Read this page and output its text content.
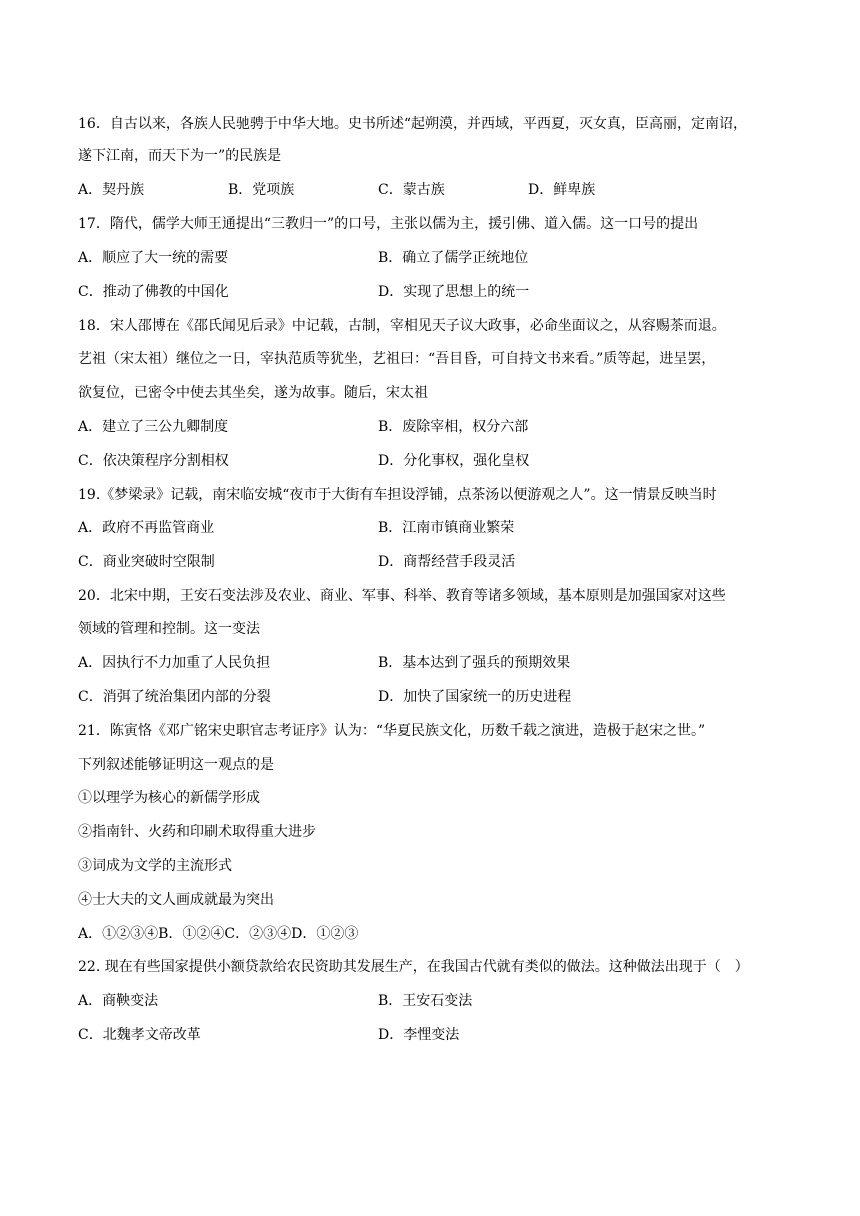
16．自古以来，各族人民驰骋于中华大地。史书所述“起朔漠，并西域，平西夏，灭女真，臣高丽，定南诏，
遂下江南，而天下为一”的民族是
A．契丹族	B．党项族	C．蒙古族	D．鲜卑族
17．隋代，儒学大师王通提出“三教归一”的口号，主张以儒为主，援引佛、道入儒。这一口号的提出
A．顺应了大一统的需要	B．确立了儒学正统地位
C．推动了佛教的中国化	D．实现了思想上的统一
18．宋人邵博在《邵氏闻见后录》中记载，古制，宰相见天子议大政事，必命坐面议之，从容赐茶而退。
艺祖（宋太祖）继位之一日，宰执范质等犹坐，艺祖曰：“吾目昏，可自持文书来看。”质等起，进呈罢，
欲复位，已密令中使去其坐矣，遂为故事。随后，宋太祖
A．建立了三公九卿制度	B．废除宰相，权分六部
C．依决策程序分割相权	D．分化事权，强化皇权
19.《梦梁录》记载，南宋临安城“夜市于大街有车担设浮铺，点茶汤以便游观之人”。这一情景反映当时
A．政府不再监管商业	B．江南市镇商业繁荣
C．商业突破时空限制	D．商帮经营手段灵活
20．北宋中期，王安石变法涉及农业、商业、军事、科举、教育等诸多领域，基本原则是加强国家对这些
领域的管理和控制。这一变法
A．因执行不力加重了人民负担	B．基本达到了强兵的预期效果
C．消弭了统治集团内部的分裂	D．加快了国家统一的历史进程
21．陈寅恪《邓广铭宋史职官志考证序》认为：“华夏民族文化，历数千载之演进，造极于赵宋之世。”
下列叙述能够证明这一观点的是
①以理学为核心的新儒学形成
②指南针、火药和印刷术取得重大进步
③词成为文学的主流形式
④士大夫的文人画成就最为突出
A．①②③④B．①②④C．②③④D．①②③
22. 现在有些国家提供小额贷款给农民资助其发展生产，在我国古代就有类似的做法。这种做法出现于（　）
A．商鞅变法	B．王安石变法
C．北魏孝文帝改革	D．李悝变法
